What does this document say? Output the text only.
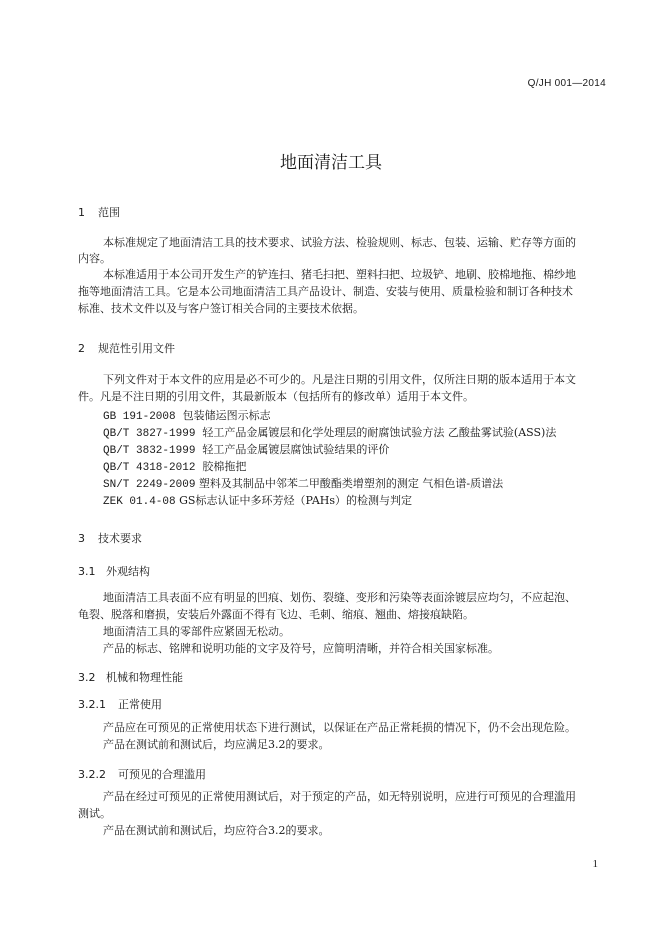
Q/JH 001—2014
地面清洁工具
1 范围
本标准规定了地面清洁工具的技术要求、试验方法、检验规则、标志、包装、运输、贮存等方面的
内容。
本标准适用于本公司开发生产的铲连扫、猪毛扫把、塑料扫把、垃圾铲、地刷、胶棉地拖、棉纱地
拖等地面清洁工具。它是本公司地面清洁工具产品设计、制造、安装与使用、质量检验和制订各种技术
标准、技术文件以及与客户签订相关合同的主要技术依据。
2 规范性引用文件
下列文件对于本文件的应用是必不可少的。凡是注日期的引用文件，仅所注日期的版本适用于本文
件。凡是不注日期的引用文件，其最新版本（包括所有的修改单）适用于本文件。
GB 191-2008 包装储运图示标志
QB/T 3827-1999 轻工产品金属镀层和化学处理层的耐腐蚀试验方法 乙酸盐雾试验(ASS)法
QB/T 3832-1999 轻工产品金属镀层腐蚀试验结果的评价
QB/T 4318-2012 胶棉拖把
SN/T 2249-2009 塑料及其制品中邻苯二甲酸酯类增塑剂的测定 气相色谱-质谱法
ZEK 01.4-08 GS标志认证中多环芳烃（PAHs）的检测与判定
3 技术要求
3.1 外观结构
地面清洁工具表面不应有明显的凹痕、划伤、裂缝、变形和污染等表面涂镀层应均匀，不应起泡、
龟裂、脱落和磨损，安装后外露面不得有飞边、毛刺、缩痕、翘曲、熔接痕缺陷。
地面清洁工具的零部件应紧固无松动。
产品的标志、铭牌和说明功能的文字及符号，应简明清晰，并符合相关国家标准。
3.2 机械和物理性能
3.2.1 正常使用
产品应在可预见的正常使用状态下进行测试，以保证在产品正常耗损的情况下，仍不会出现危险。
产品在测试前和测试后，均应满足3.2的要求。
3.2.2 可预见的合理滥用
产品在经过可预见的正常使用测试后，对于预定的产品，如无特别说明，应进行可预见的合理滥用
测试。
产品在测试前和测试后，均应符合3.2的要求。
1
